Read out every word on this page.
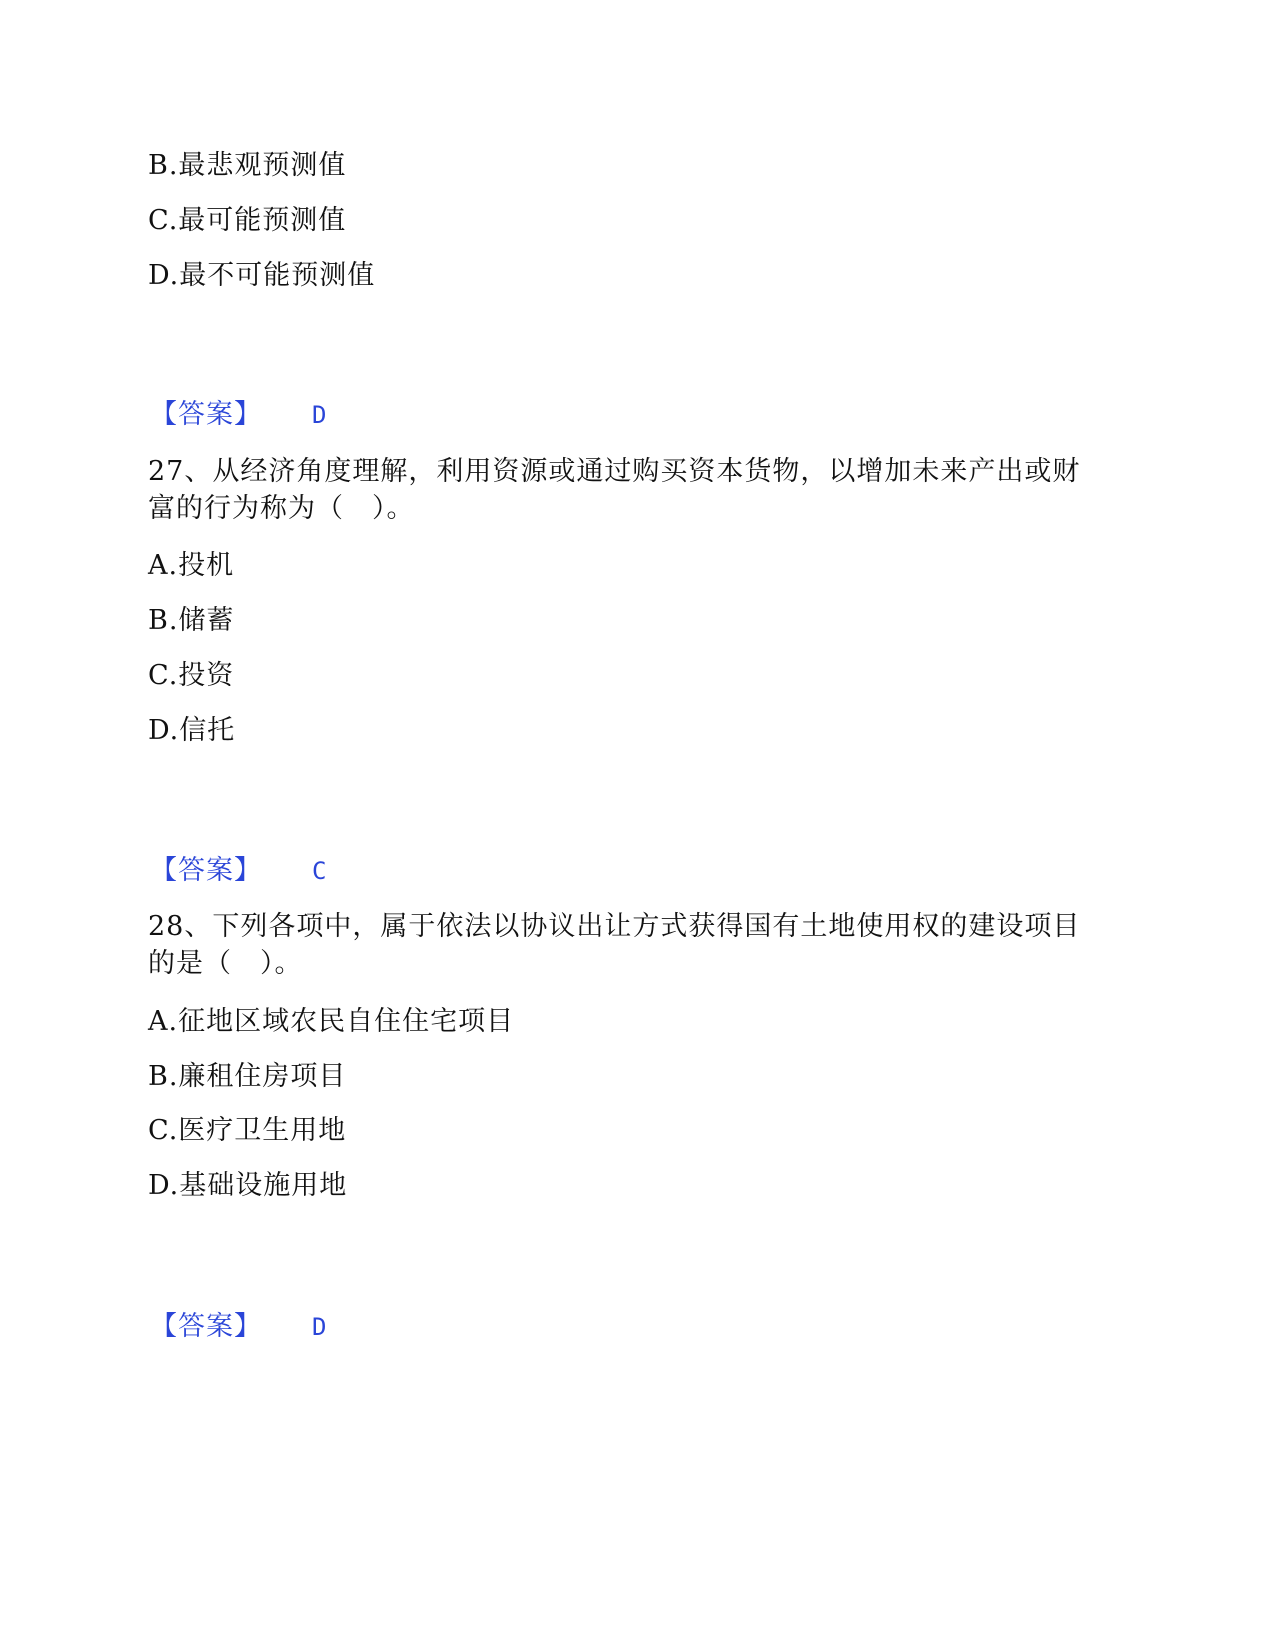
B.最悲观预测值
C.最可能预测值
D.最不可能预测值
【答案】 D
27、从经济角度理解，利用资源或通过购买资本货物，以增加未来产出或财
富的行为称为（　）。
A.投机
B.储蓄
C.投资
D.信托
【答案】 C
28、下列各项中，属于依法以协议出让方式获得国有土地使用权的建设项目
的是（　）。
A.征地区域农民自住住宅项目
B.廉租住房项目
C.医疗卫生用地
D.基础设施用地
【答案】 D
